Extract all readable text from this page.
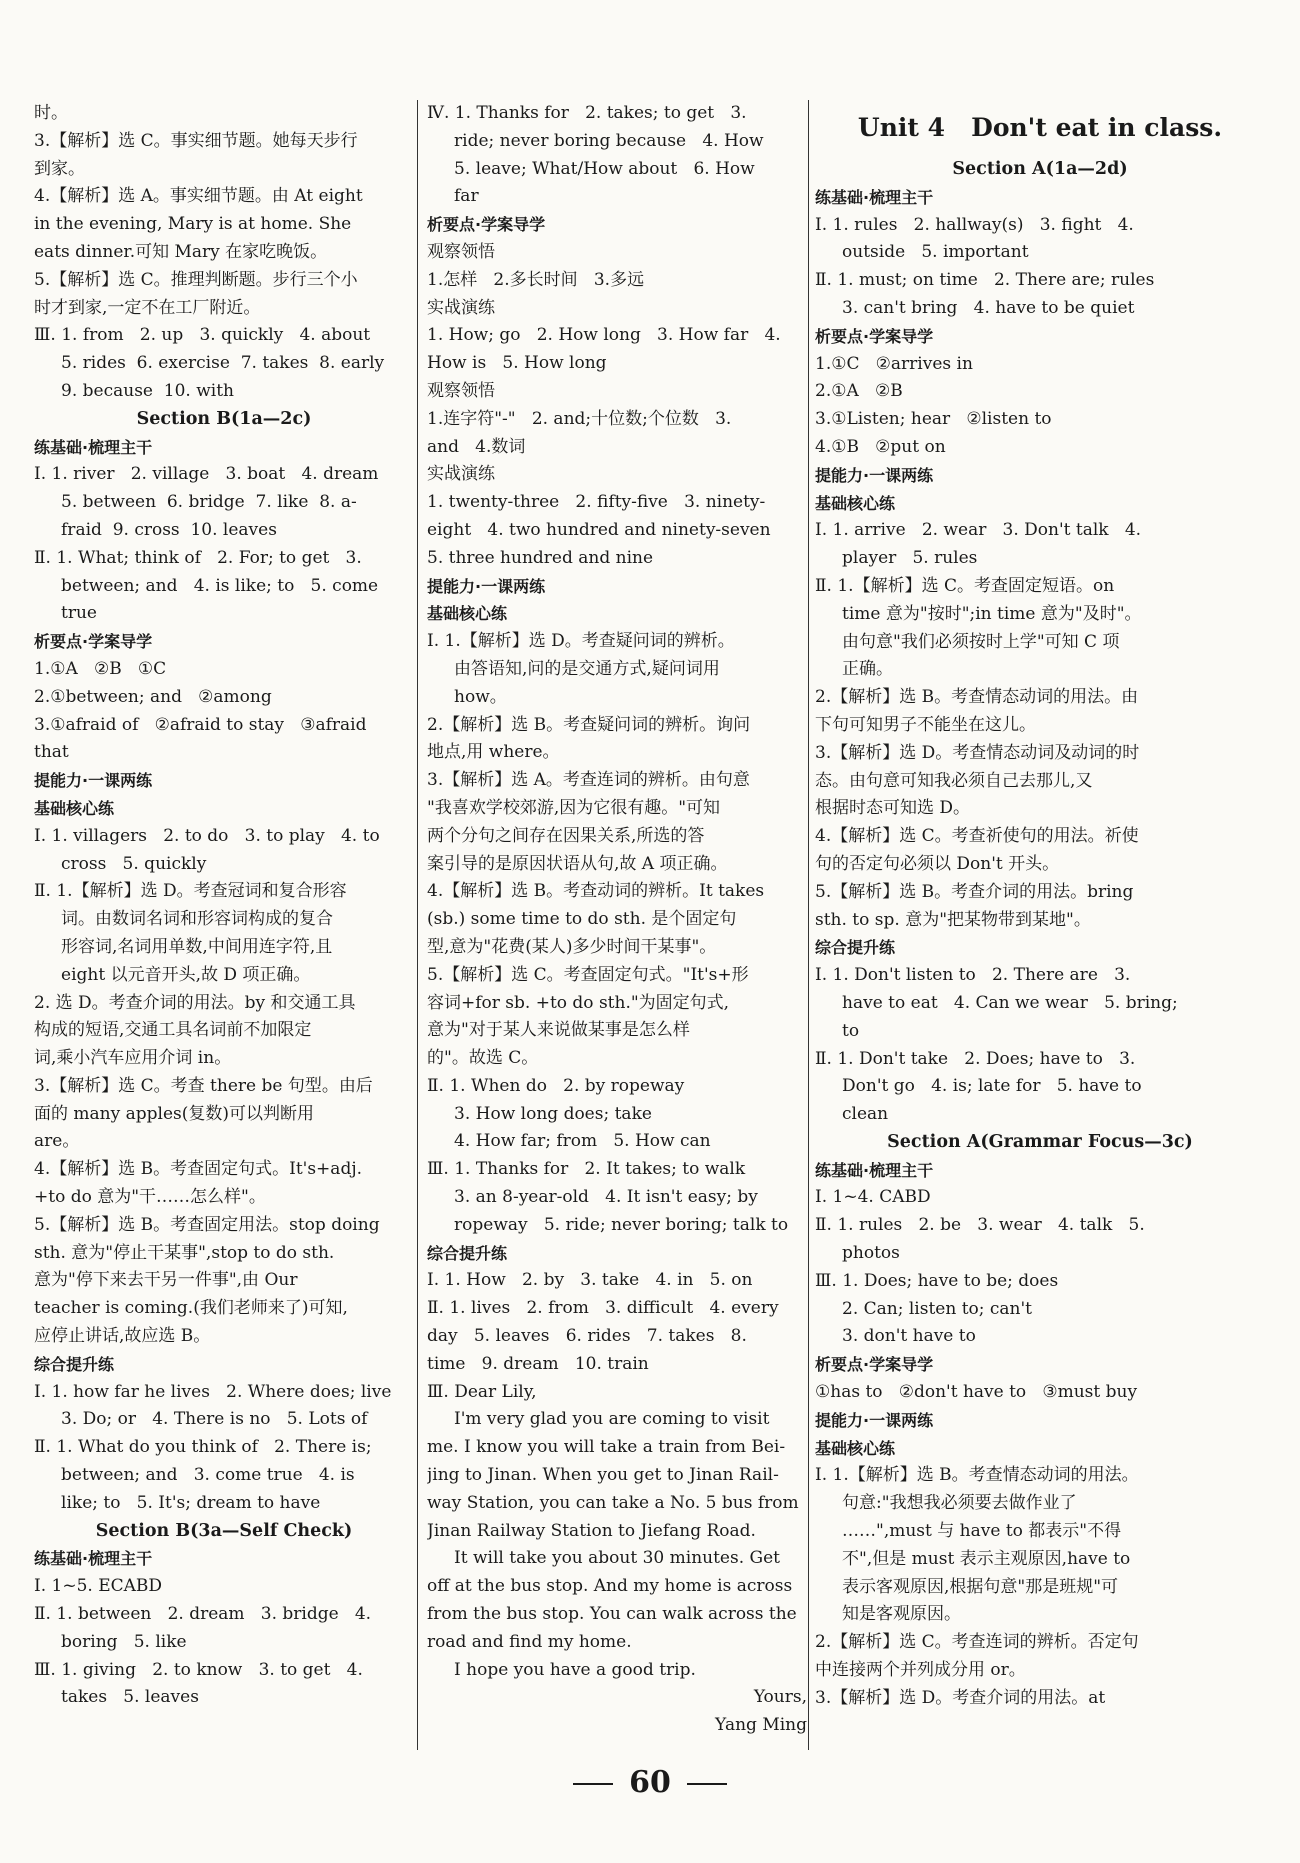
时。
3.【解析】选 C。事实细节题。她每天步行
到家。
4.【解析】选 A。事实细节题。由 At eight
in the evening, Mary is at home. She
eats dinner.可知 Mary 在家吃晚饭。
5.【解析】选 C。推理判断题。步行三个小
时才到家,一定不在工厂附近。
Ⅲ. 1. from   2. up   3. quickly   4. about
5. rides  6. exercise  7. takes  8. early
9. because  10. with
Section B(1a—2c)
练基础·梳理主干
Ⅰ. 1. river   2. village   3. boat   4. dream
5. between  6. bridge  7. like  8. a-
fraid  9. cross  10. leaves
Ⅱ. 1. What; think of   2. For; to get   3.
between; and   4. is like; to   5. come
true
析要点·学案导学
1.①A   ②B   ①C
2.①between; and   ②among
3.①afraid of   ②afraid to stay   ③afraid
that
提能力·一课两练
基础核心练
Ⅰ. 1. villagers   2. to do   3. to play   4. to
cross   5. quickly
Ⅱ. 1.【解析】选 D。考查冠词和复合形容
词。由数词名词和形容词构成的复合
形容词,名词用单数,中间用连字符,且
eight 以元音开头,故 D 项正确。
2. 选 D。考查介词的用法。by 和交通工具
构成的短语,交通工具名词前不加限定
词,乘小汽车应用介词 in。
3.【解析】选 C。考查 there be 句型。由后
面的 many apples(复数)可以判断用
are。
4.【解析】选 B。考查固定句式。It's+adj.
+to do 意为"干……怎么样"。
5.【解析】选 B。考查固定用法。stop doing
sth. 意为"停止干某事",stop to do sth.
意为"停下来去干另一件事",由 Our
teacher is coming.(我们老师来了)可知,
应停止讲话,故应选 B。
综合提升练
Ⅰ. 1. how far he lives   2. Where does; live
3. Do; or   4. There is no   5. Lots of
Ⅱ. 1. What do you think of   2. There is;
between; and   3. come true   4. is
like; to   5. It's; dream to have
Section B(3a—Self Check)
练基础·梳理主干
Ⅰ. 1~5. ECABD
Ⅱ. 1. between   2. dream   3. bridge   4.
boring   5. like
Ⅲ. 1. giving   2. to know   3. to get   4.
takes   5. leaves
Ⅳ. 1. Thanks for   2. takes; to get   3.
ride; never boring because   4. How
5. leave; What/How about   6. How
far
析要点·学案导学
观察领悟
1.怎样   2.多长时间   3.多远
实战演练
1. How; go   2. How long   3. How far   4.
How is   5. How long
观察领悟
1.连字符"-"   2. and;十位数;个位数   3.
and   4.数词
实战演练
1. twenty-three   2. fifty-five   3. ninety-
eight   4. two hundred and ninety-seven
5. three hundred and nine
提能力·一课两练
基础核心练
Ⅰ. 1.【解析】选 D。考查疑问词的辨析。
由答语知,问的是交通方式,疑问词用
how。
2.【解析】选 B。考查疑问词的辨析。询问
地点,用 where。
3.【解析】选 A。考查连词的辨析。由句意
"我喜欢学校郊游,因为它很有趣。"可知
两个分句之间存在因果关系,所选的答
案引导的是原因状语从句,故 A 项正确。
4.【解析】选 B。考查动词的辨析。It takes
(sb.) some time to do sth. 是个固定句
型,意为"花费(某人)多少时间干某事"。
5.【解析】选 C。考查固定句式。"It's+形
容词+for sb. +to do sth."为固定句式,
意为"对于某人来说做某事是怎么样
的"。故选 C。
Ⅱ. 1. When do   2. by ropeway
3. How long does; take
4. How far; from   5. How can
Ⅲ. 1. Thanks for   2. It takes; to walk
3. an 8-year-old   4. It isn't easy; by
ropeway   5. ride; never boring; talk to
综合提升练
Ⅰ. 1. How   2. by   3. take   4. in   5. on
Ⅱ. 1. lives   2. from   3. difficult   4. every
day   5. leaves   6. rides   7. takes   8.
time   9. dream   10. train
Ⅲ. Dear Lily,
I'm very glad you are coming to visit
me. I know you will take a train from Bei-
jing to Jinan. When you get to Jinan Rail-
way Station, you can take a No. 5 bus from
Jinan Railway Station to Jiefang Road.
It will take you about 30 minutes. Get
off at the bus stop. And my home is across
from the bus stop. You can walk across the
road and find my home.
I hope you have a good trip.
Yours,
Yang Ming
Unit 4   Don't eat in class.
Section A(1a—2d)
练基础·梳理主干
Ⅰ. 1. rules   2. hallway(s)   3. fight   4.
outside   5. important
Ⅱ. 1. must; on time   2. There are; rules
3. can't bring   4. have to be quiet
析要点·学案导学
1.①C   ②arrives in
2.①A   ②B
3.①Listen; hear   ②listen to
4.①B   ②put on
提能力·一课两练
基础核心练
Ⅰ. 1. arrive   2. wear   3. Don't talk   4.
player   5. rules
Ⅱ. 1.【解析】选 C。考查固定短语。on
time 意为"按时";in time 意为"及时"。
由句意"我们必须按时上学"可知 C 项
正确。
2.【解析】选 B。考查情态动词的用法。由
下句可知男子不能坐在这儿。
3.【解析】选 D。考查情态动词及动词的时
态。由句意可知我必须自己去那儿,又
根据时态可知选 D。
4.【解析】选 C。考查祈使句的用法。祈使
句的否定句必须以 Don't 开头。
5.【解析】选 B。考查介词的用法。bring
sth. to sp. 意为"把某物带到某地"。
综合提升练
Ⅰ. 1. Don't listen to   2. There are   3.
have to eat   4. Can we wear   5. bring;
to
Ⅱ. 1. Don't take   2. Does; have to   3.
Don't go   4. is; late for   5. have to
clean
Section A(Grammar Focus—3c)
练基础·梳理主干
Ⅰ. 1~4. CABD
Ⅱ. 1. rules   2. be   3. wear   4. talk   5.
photos
Ⅲ. 1. Does; have to be; does
2. Can; listen to; can't
3. don't have to
析要点·学案导学
①has to   ②don't have to   ③must buy
提能力·一课两练
基础核心练
Ⅰ. 1.【解析】选 B。考查情态动词的用法。
句意:"我想我必须要去做作业了
……",must 与 have to 都表示"不得
不",但是 must 表示主观原因,have to
表示客观原因,根据句意"那是班规"可
知是客观原因。
2.【解析】选 C。考查连词的辨析。否定句
中连接两个并列成分用 or。
3.【解析】选 D。考查介词的用法。at
60
